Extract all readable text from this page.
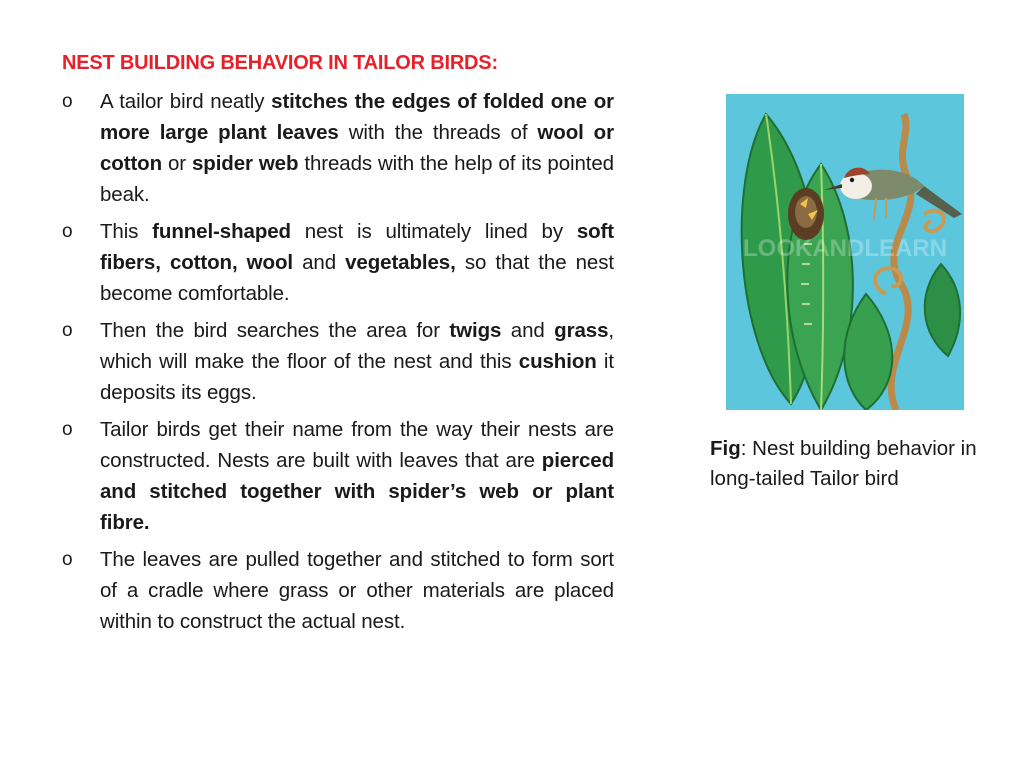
NEST BUILDING BEHAVIOR IN TAILOR BIRDS:
o A tailor bird neatly stitches the edges of folded one or more large plant leaves with the threads of wool or cotton or spider web threads with the help of its pointed beak.
o This funnel-shaped nest is ultimately lined by soft fibers, cotton, wool and vegetables, so that the nest become comfortable.
o Then the bird searches the area for twigs and grass, which will make the floor of the nest and this cushion it deposits its eggs.
o Tailor birds get their name from the way their nests are constructed. Nests are built with leaves that are pierced and stitched together with spider’s web or plant fibre.
o The leaves are pulled together and stitched to form sort of a cradle where grass or other materials are placed within to construct the actual nest.
LOOKANDLEARN
Fig: Nest building behavior in long-tailed Tailor bird
